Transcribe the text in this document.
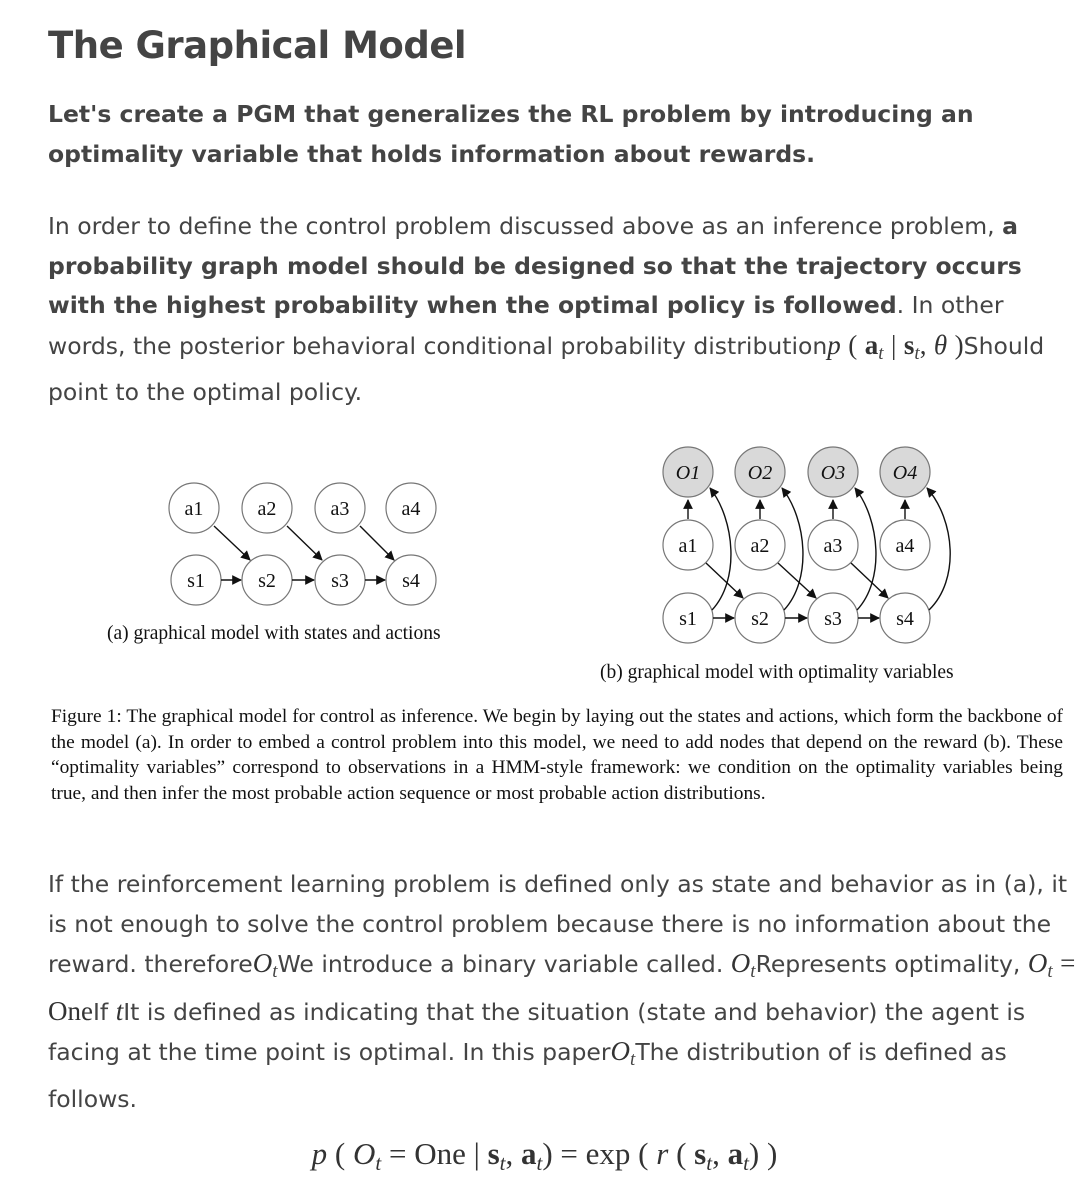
The Graphical Model
Let's create a PGM that generalizes the RL problem by introducing an optimality variable that holds information about rewards.
In order to define the control problem discussed above as an inference problem, a probability graph model should be designed so that the trajectory occurs with the highest probability when the optimal policy is followed. In other words, the posterior behavioral conditional probability distributionp ( $a_t$ | $s_t$, θ )Should point to the optimal policy.
a1	a2	a3	a4
s1	s2	s3	s4
(a) graphical model with states and actions
O1 O2 O3 O4
a1	a2	a3	a4
s1	s2	s3	s4
(b) graphical model with optimality variables
Figure 1: The graphical model for control as inference. We begin by laying out the states and actions, which form the backbone of the model (a). In order to embed a control problem into this model, we need to add nodes that depend on the reward (b). These “optimality variables” correspond to observations in a HMM-style framework: we condition on the optimality variables being true, and then infer the most probable action sequence or most probable action distributions.
If the reinforcement learning problem is defined only as state and behavior as in (a), it is not enough to solve the control problem because there is no information about the reward. thereforeO$_t$We introduce a binary variable called. $O_tRepresents$ optimality, $O_t$ = OneIf tIt is defined as indicating that the situation (state and behavior) the agent is facing at the time point is optimal. In this paperO$_t$The distribution of is defined as follows.
p ( Ot = One | st, at) = exp ( r ( st, at) )
